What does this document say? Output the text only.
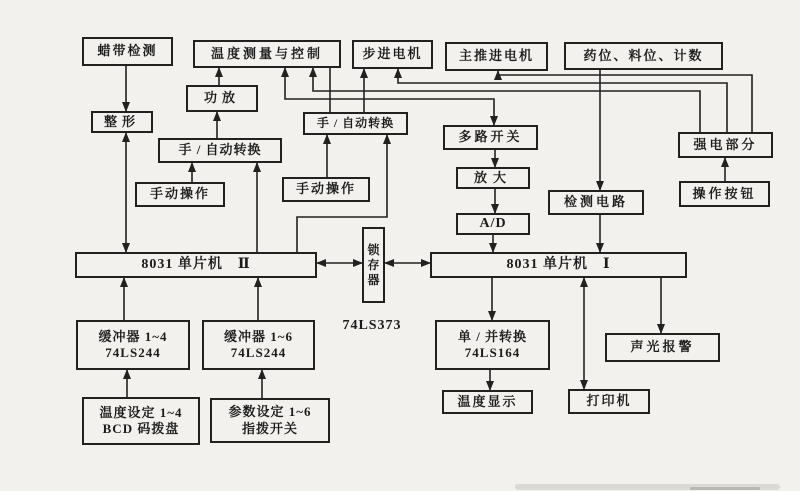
蜡带检测	温度测量与控制	步进电机	主推进电机	药位、料位、计数
功放
整形	手 / 自动转换
多路开关	强电部分
手 / 自动转换
手动操作	手动操作
放大
操作按钮
A/D
检测电路
8031 单片机　Ⅱ
锁
存
器
8031 单片机　Ⅰ
缓冲器 1~4
74LS244
缓冲器 1~6
74LS244
单 / 并转换
74LS164	声光报警
温度设定 1~4
BCD 码拨盘
参数设定 1~6
指拨开关
温度显示	打印机
74LS373
